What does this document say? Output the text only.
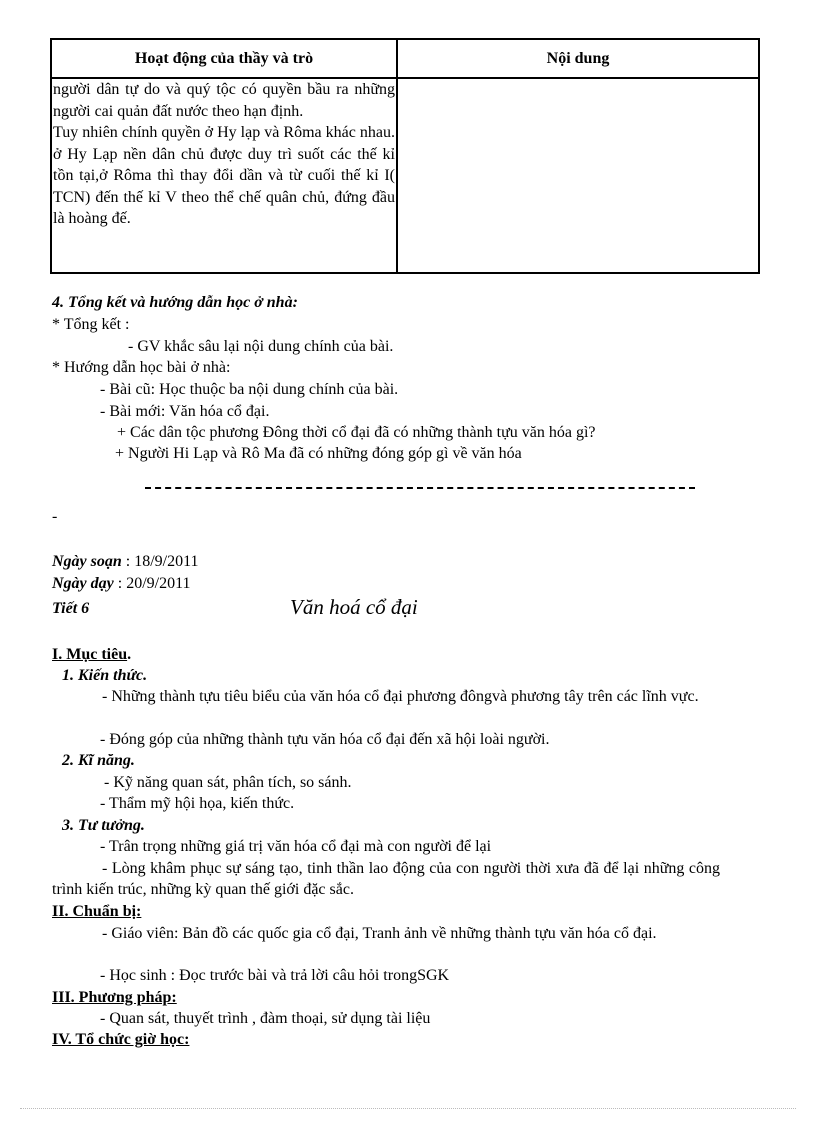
Hoạt động của thầy và trò	Nội dung

người dân tự do và quý tộc có quyền bầu ra những người cai quản đất nước theo hạn định.

Tuy nhiên chính quyền ở Hy lạp và Rôma khác nhau. ở Hy Lạp nền dân chủ được duy trì suốt các thế kỉ tồn tại,ở Rôma thì thay đổi dần và từ cuối thế kỉ I( TCN) đến thế kỉ V theo thể chế quân chủ, đứng đầu là hoàng đế.

4. Tổng kết và hướng dẫn học ở nhà:
* Tổng kết :
- GV khắc sâu lại nội dung chính của bài.
* Hướng dẫn học bài ở nhà:
- Bài cũ: Học thuộc ba nội dung chính của bài.
- Bài mới: Văn hóa cổ đại.
+ Các dân tộc phương Đông thời cổ đại đã có những thành tựu văn hóa gì?
+ Người Hi Lạp và Rô Ma đã có những đóng góp gì về văn hóa
-
Ngày soạn : 18/9/2011
Ngày dạy : 20/9/2011
Tiết 6	Văn hoá cổ đại
I. Mục tiêu.
1. Kiến thức.
- Những thành tựu tiêu biểu của văn hóa cổ đại phương đôngvà phương tây trên các lĩnh vực.
- Đóng góp của những thành tựu văn hóa cổ đại đến xã hội loài người.
2. Kĩ năng.
- Kỹ năng quan sát, phân tích, so sánh.
- Thẩm mỹ hội họa, kiến thức.
3. Tư tưởng.
- Trân trọng những giá trị văn hóa cổ đại mà con người để lại
- Lòng khâm phục sự sáng tạo, tinh thần lao động của con người thời xưa đã để lại những công trình kiến trúc, những kỳ quan thế giới đặc sắc.
II. Chuẩn bị:
- Giáo viên: Bản đồ các quốc gia cổ đại, Tranh ảnh về những thành tựu văn hóa cổ đại.
- Học sinh : Đọc trước bài và trả lời câu hỏi trongSGK
III. Phương pháp:
- Quan sát, thuyết trình , đàm thoại, sử dụng tài liệu
IV. Tổ chức giờ học:
